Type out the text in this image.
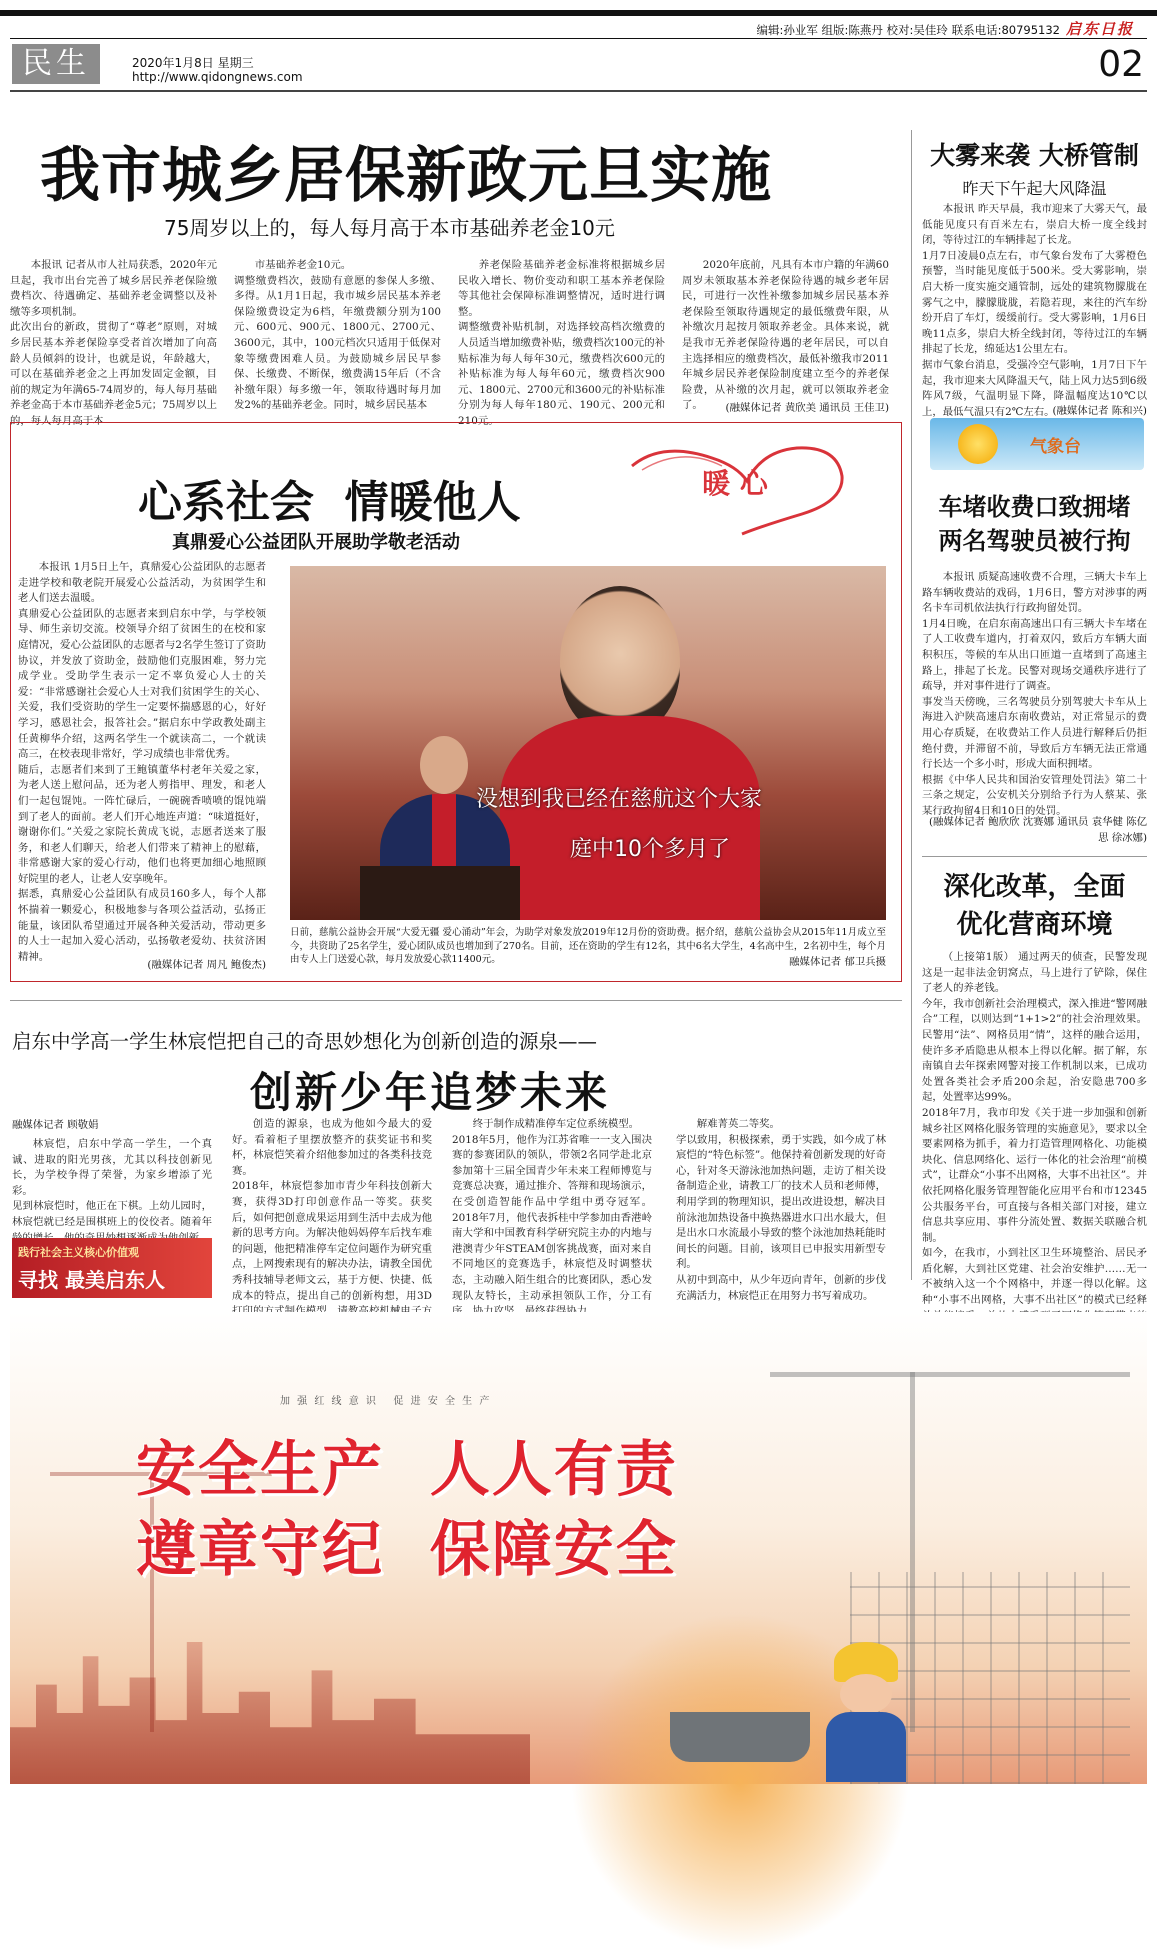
编辑:孙业军 组版:陈燕丹 校对:吴佳玲 联系电话:80795132 启东日报
民生	2020年1月8日 星期三
http://www.qidongnews.com	02
我市城乡居保新政元旦实施
75周岁以上的，每人每月高于本市基础养老金10元

本报讯 记者从市人社局获悉，2020年元旦起，我市出台完善了城乡居民养老保险缴费档次、待遇确定、基础养老金调整以及补缴等多项机制。
此次出台的新政，贯彻了“尊老”原则，对城乡居民基本养老保险享受者首次增加了向高龄人员倾斜的设计，也就是说，年龄越大，可以在基础养老金之上再加发固定金额，目前的规定为年满65-74周岁的，每人每月基础养老金高于本市基础养老金5元；75周岁以上的，每人每月高于本

市基础养老金10元。
调整缴费档次，鼓励有意愿的参保人多缴、多得。从1月1日起，我市城乡居民基本养老保险缴费设定为6档，年缴费额分别为100元、600元、900元、1800元、2700元、3600元，其中，100元档次只适用于低保对象等缴费困难人员。为鼓励城乡居民早参保、长缴费、不断保，缴费满15年后（不含补缴年限）每多缴一年，领取待遇时每月加发2%的基础养老金。同时，城乡居民基本

养老保险基础养老金标准将根据城乡居民收入增长、物价变动和职工基本养老保险等其他社会保障标准调整情况，适时进行调整。
调整缴费补贴机制，对选择较高档次缴费的人员适当增加缴费补贴，缴费档次100元的补贴标准为每人每年30元，缴费档次600元的补贴标准为每人每年60元，缴费档次900元、1800元、2700元和3600元的补贴标准分别为每人每年180元、190元、200元和210元。

2020年底前，凡具有本市户籍的年满60周岁未领取基本养老保险待遇的城乡老年居民，可进行一次性补缴参加城乡居民基本养老保险至领取待遇规定的最低缴费年限，从补缴次月起按月领取养老金。具体来说，就是我市无养老保险待遇的老年居民，可以自主选择相应的缴费档次，最低补缴我市2011年城乡居民养老保险制度建立至今的养老保险费，从补缴的次月起，就可以领取养老金了。	(融媒体记者 黄欣美 通讯员 王佳卫)
心系社会  情暖他人
真鼎爱心公益团队开展助学敬老活动
暖 心

本报讯 1月5日上午，真鼎爱心公益团队的志愿者走进学校和敬老院开展爱心公益活动，为贫困学生和老人们送去温暖。
真鼎爱心公益团队的志愿者来到启东中学，与学校领导、师生亲切交流。校领导介绍了贫困生的在校和家庭情况，爱心公益团队的志愿者与2名学生签订了资助协议，并发放了资助金，鼓励他们克服困难，努力完成学业。受助学生表示一定不辜负爱心人士的关爱：“非常感谢社会爱心人士对我们贫困学生的关心、关爱，我们受资助的学生一定要怀揣感恩的心，好好学习，感恩社会，报答社会。”据启东中学政教处副主任黄柳华介绍，这两名学生一个就读高二，一个就读高三，在校表现非常好，学习成绩也非常优秀。
随后，志愿者们来到了王鲍镇董华村老年关爱之家，为老人送上慰问品，还为老人剪指甲、理发，和老人们一起包馄饨。一阵忙碌后，一碗碗香喷喷的馄饨端到了老人的面前。老人们开心地连声道：“味道挺好，谢谢你们。”关爱之家院长黄成飞说，志愿者送来了服务，和老人们聊天，给老人们带来了精神上的慰藉，非常感谢大家的爱心行动，他们也将更加细心地照顾好院里的老人，让老人安享晚年。
据悉，真鼎爱心公益团队有成员160多人，每个人都怀揣着一颗爱心，积极地参与各项公益活动，弘扬正能量，该团队希望通过开展各种关爱活动，带动更多的人士一起加入爱心活动，弘扬敬老爱幼、扶贫济困精神。

(融媒体记者 周凡 鲍俊杰)
没想到我已经在慈航这个大家
庭中10个多月了
日前，慈航公益协会开展“大爱无疆 爱心涌动”年会，为助学对象发放2019年12月份的资助费。据介绍，慈航公益协会从2015年11月成立至今，共资助了25名学生，爱心团队成员也增加到了270名。目前，还在资助的学生有12名，其中6名大学生，4名高中生，2名初中生，每个月由专人上门送爱心款，每月发放爱心款11400元。	融媒体记者 郁卫兵摄
启东中学高一学生林宸恺把自己的奇思妙想化为创新创造的源泉——
创新少年追梦未来
融媒体记者 顾敬娟

林宸恺，启东中学高一学生，一个真诚、进取的阳光男孩，尤其以科技创新见长，为学校争得了荣誉，为家乡增添了光彩。
见到林宸恺时，他正在下棋。上幼儿园时，林宸恺就已经是围棋班上的佼佼者。随着年

践行社会主义核心价值观
寻找 最美启东人

创造的源泉，也成为他如今最大的爱好。看着柜子里摆放整齐的获奖证书和奖杯，林宸恺笑着介绍他参加过的各类科技竞赛。
2018年，林宸恺参加市青少年科技创新大赛，获得3D打印创意作品一等奖。获奖后，如何把创意成果运用到生活中去成为他新的思考方向。为解决他妈妈停车后找车难的问题，他把精准停车定位问题作为研究重点，上网搜索现有的解决办法，请教全国优秀科技辅导老师文云，基于方便、快捷、低成本的特点，提出自己的创新构想，用3D

终于制作成精准停车定位系统模型。
2018年5月，他作为江苏省唯一一支入围决赛的参赛团队的领队，带领2名同学赴北京参加第十三届全国青少年未来工程师博览与竞赛总决赛，通过推介、答辩和现场演示，在受创造智能作品中学组中勇夺冠军。2018年7月，他代表拆桂中学参加由香港岭南大学和中国教育科学研究院主办的内地与港澳青少年STEAM创客挑战赛，面对来自不同地区的竞赛选手，林宸恺及时调整状态，主动融入陌生组合的比赛团队，悉心发现队友特长，主动承担领队工作，分工有

解难菁英二等奖。
学以致用，积极探索，勇于实践，如今成了林宸恺的“特色标签”。他保持着创新发现的好奇心，针对冬天游泳池加热问题，走访了相关设备制造企业，请教工厂的技术人员和老师傅，利用学到的物理知识，提出改进设想，解决目前泳池加热设备中换热器进水口出水最大，但是出水口水流最小导致的整个泳池加热耗能时间长的问题。目前，该项目已申报实用新型专利。
从初中到高中，从少年迈向青年，创新的步伐充满活力，林宸恺正在用努力书写着成功。

大雾来袭 大桥管制
昨天下午起大风降温

本报讯 昨天早晨，我市迎来了大雾天气，最低能见度只有百米左右，崇启大桥一度全线封闭，等待过江的车辆排起了长龙。
1月7日凌晨0点左右，市气象台发布了大雾橙色预警，当时能见度低于500米。受大雾影响，崇启大桥一度实施交通管制，远处的建筑物朦胧在雾气之中，朦朦胧胧，若隐若现，来往的汽车纷纷开启了车灯，缓缓前行。受大雾影响，1月6日晚11点多，崇启大桥全线封闭，等待过江的车辆排起了长龙，绵延达1公里左右。
据市气象台消息，受强冷空气影响，1月7日下午起，我市迎来大风降温天气，陆上风力达5到6级阵风7级，气温明显下降，降温幅度达10℃以上，最低气温只有2℃左右。

(融媒体记者 陈和兴)
气象台
车堵收费口致拥堵
两名驾驶员被行拘

本报讯 质疑高速收费不合理，三辆大卡车上路车辆收费站的戏码，1月6日，警方对涉事的两名卡车司机依法执行行政拘留处罚。
1月4日晚，在启东南高速出口有三辆大卡车堵在了人工收费车道内，打着双闪，致后方车辆大面积积压，等候的车从出口匝道一直堵到了高速主路上，排起了长龙。民警对现场交通秩序进行了疏导，并对事件进行了调查。
事发当天傍晚，三名驾驶员分别驾驶大卡车从上海进入沪陕高速启东南收费站，对正常显示的费用心存质疑，在收费站工作人员进行解释后仍拒绝付费，并滞留不前，导致后方车辆无法正常通行长达一个多小时，形成大面积拥堵。
根据《中华人民共和国治安管理处罚法》第二十三条之规定，公安机关分别给予行为人蔡某、张某行政拘留4日和10日的处罚。

(融媒体记者 鲍欣欣 沈赛娜 通讯员 袁华健 陈亿思 徐冰娜)
深化改革，全面
优化营商环境

（上接第1版） 通过两天的侦查，民警发现这是一起非法金钥窝点，马上进行了铲除，保住了老人的养老钱。
今年，我市创新社会治理模式，深入推进“警网融合”工程，以则达到“1+1>2”的社会治理效果。民警用“法”、网格员用“情”，这样的融合运用，使许多矛盾隐患从根本上得以化解。据了解，东南镇自去年探索网警对接工作机制以来，已成功处置各类社会矛盾200余起，治安隐患700多起，处置率达99%。
2018年7月，我市印发《关于进一步加强和创新城乡社区网格化服务管理的实施意见》，要求以全要素网格为抓手，着力打造管理网格化、功能模块化、信息网络化、运行一体化的社会治理“前模式”，让群众“小事不出网格，大事不出社区”。并依托网格化服务管理智能化应用平台和市12345公共服务平台，可直接与各相关部门对接，建立信息共享应用、事件分流处置、数据关联融合机制。
如今，在我市，小到社区卫生环境整治、居民矛盾化解，大到社区党建、社会治安维护……无一不被纳入这一个个网格中，并逐一得以化解。这种“小事不出网格，大事不出社区”的模式已经释

加 强 红 线 意 识   促 进 安 全 生 产
安全生产  人人有责
遵章守纪  保障安全
